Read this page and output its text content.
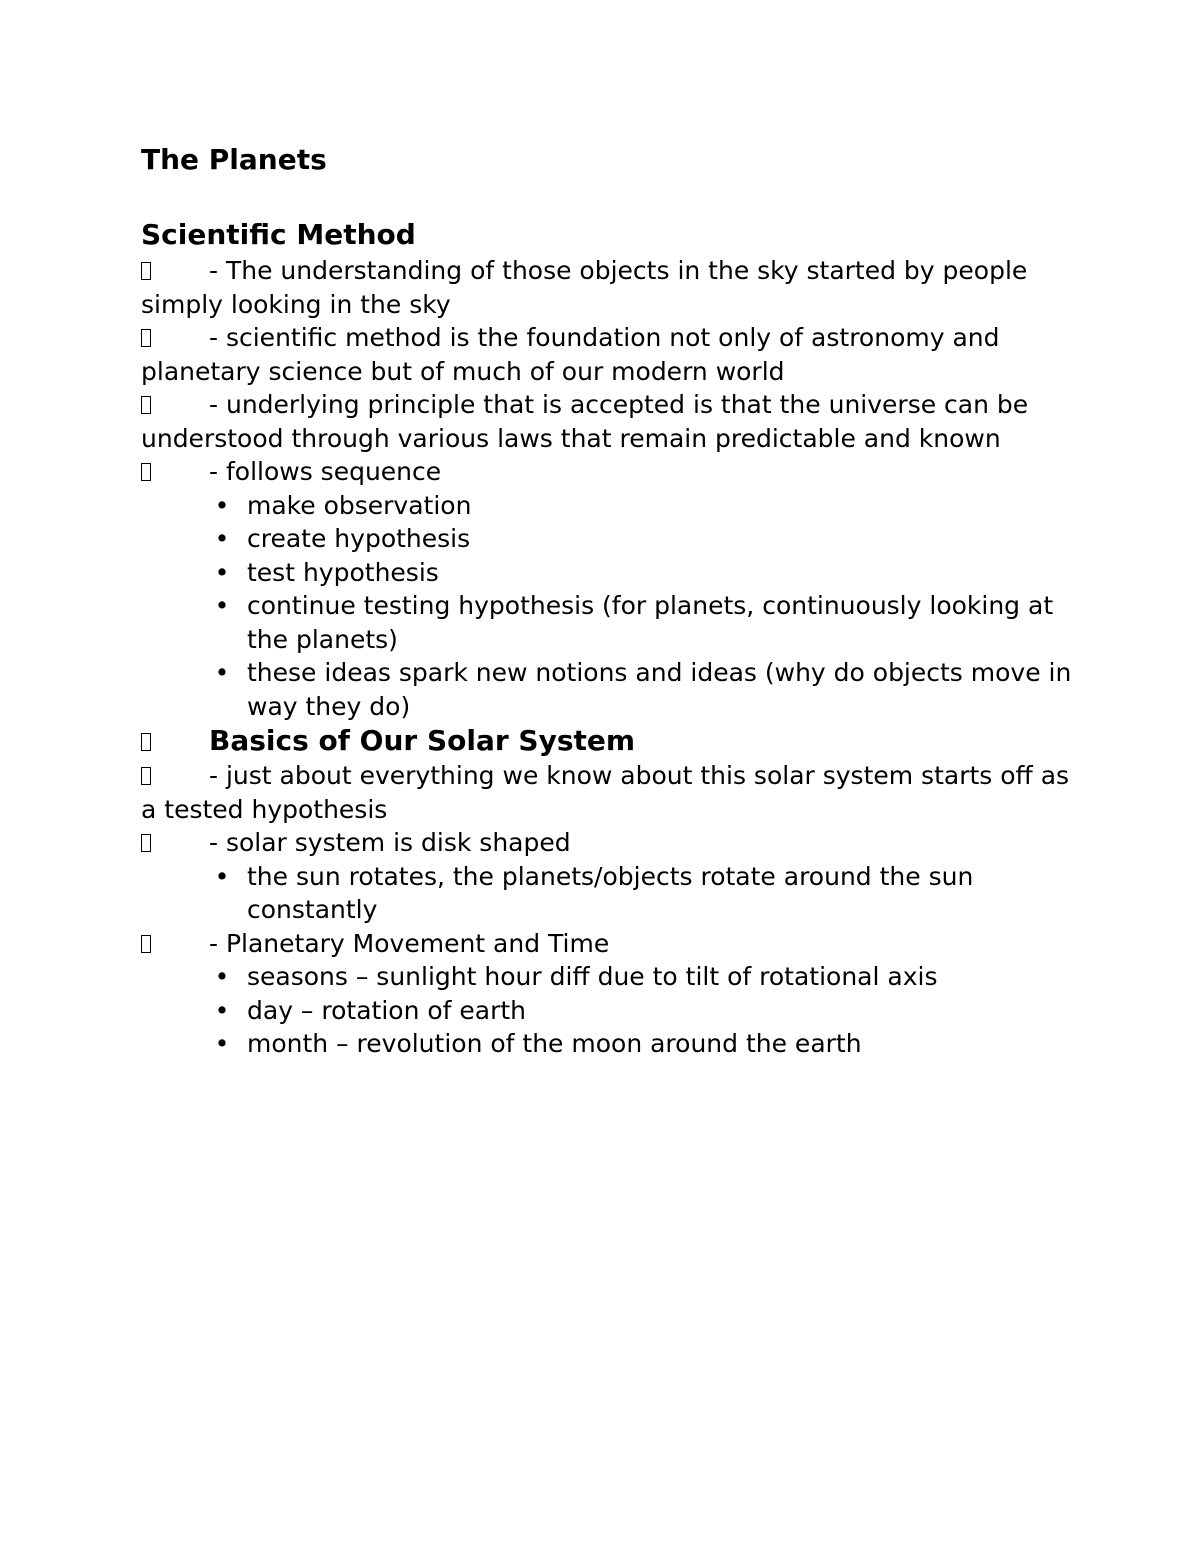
The Planets
Scientific Method

- The understanding of those objects in the sky started by people simply looking in the sky

- scientific method is the foundation not only of astronomy and planetary science but of much of our modern world

- underlying principle that is accepted is that the universe can be understood through various laws that remain predictable and known

- follows sequence

• make observation
• create hypothesis
• test hypothesis
• continue testing hypothesis (for planets, continuously looking at the planets)
• these ideas spark new notions and ideas (why do objects move in way they do)

Basics of Our Solar System

- just about everything we know about this solar system starts off as a tested hypothesis

- solar system is disk shaped

• the sun rotates, the planets/objects rotate around the sun constantly

- Planetary Movement and Time

• seasons – sunlight hour diff due to tilt of rotational axis
• day – rotation of earth
• month – revolution of the moon around the earth
